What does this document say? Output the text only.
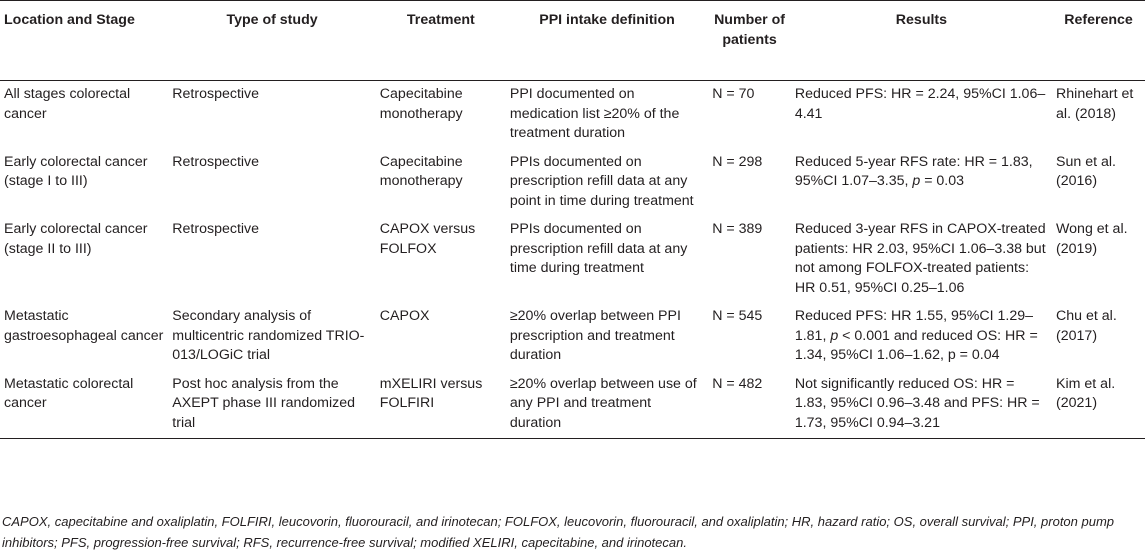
Location and Stage	Type of study	Treatment	PPI intake definition	Number of patients	Results	Reference
All stages colorectal cancer	Retrospective	Capecitabine monotherapy	PPI documented on medication list ≥20% of the treatment duration	N = 70	Reduced PFS: HR = 2.24, 95%CI 1.06–4.41	Rhinehart et al. (2018)
Early colorectal cancer (stage I to III)	Retrospective	Capecitabine monotherapy	PPIs documented on prescription refill data at any point in time during treatment	N = 298	Reduced 5-year RFS rate: HR = 1.83, 95%CI 1.07–3.35, p = 0.03	Sun et al. (2016)
Early colorectal cancer (stage II to III)	Retrospective	CAPOX versus FOLFOX	PPIs documented on prescription refill data at any time during treatment	N = 389	Reduced 3-year RFS in CAPOX-treated patients: HR 2.03, 95%CI 1.06–3.38 but not among FOLFOX-treated patients: HR 0.51, 95%CI 0.25–1.06	Wong et al. (2019)
Metastatic gastroesophageal cancer	Secondary analysis of multicentric randomized TRIO-013/LOGiC trial	CAPOX	≥20% overlap between PPI prescription and treatment duration	N = 545	Reduced PFS: HR 1.55, 95%CI 1.29–1.81, p < 0.001 and reduced OS: HR = 1.34, 95%CI 1.06–1.62, p = 0.04	Chu et al. (2017)
Metastatic colorectal cancer	Post hoc analysis from the AXEPT phase III randomized trial	mXELIRI versus FOLFIRI	≥20% overlap between use of any PPI and treatment duration	N = 482	Not significantly reduced OS: HR = 1.83, 95%CI 0.96–3.48 and PFS: HR = 1.73, 95%CI 0.94–3.21	Kim et al. (2021)
CAPOX, capecitabine and oxaliplatin, FOLFIRI, leucovorin, fluorouracil, and irinotecan; FOLFOX, leucovorin, fluorouracil, and oxaliplatin; HR, hazard ratio; OS, overall survival; PPI, proton pump inhibitors; PFS, progression-free survival; RFS, recurrence-free survival; modified XELIRI, capecitabine, and irinotecan.
